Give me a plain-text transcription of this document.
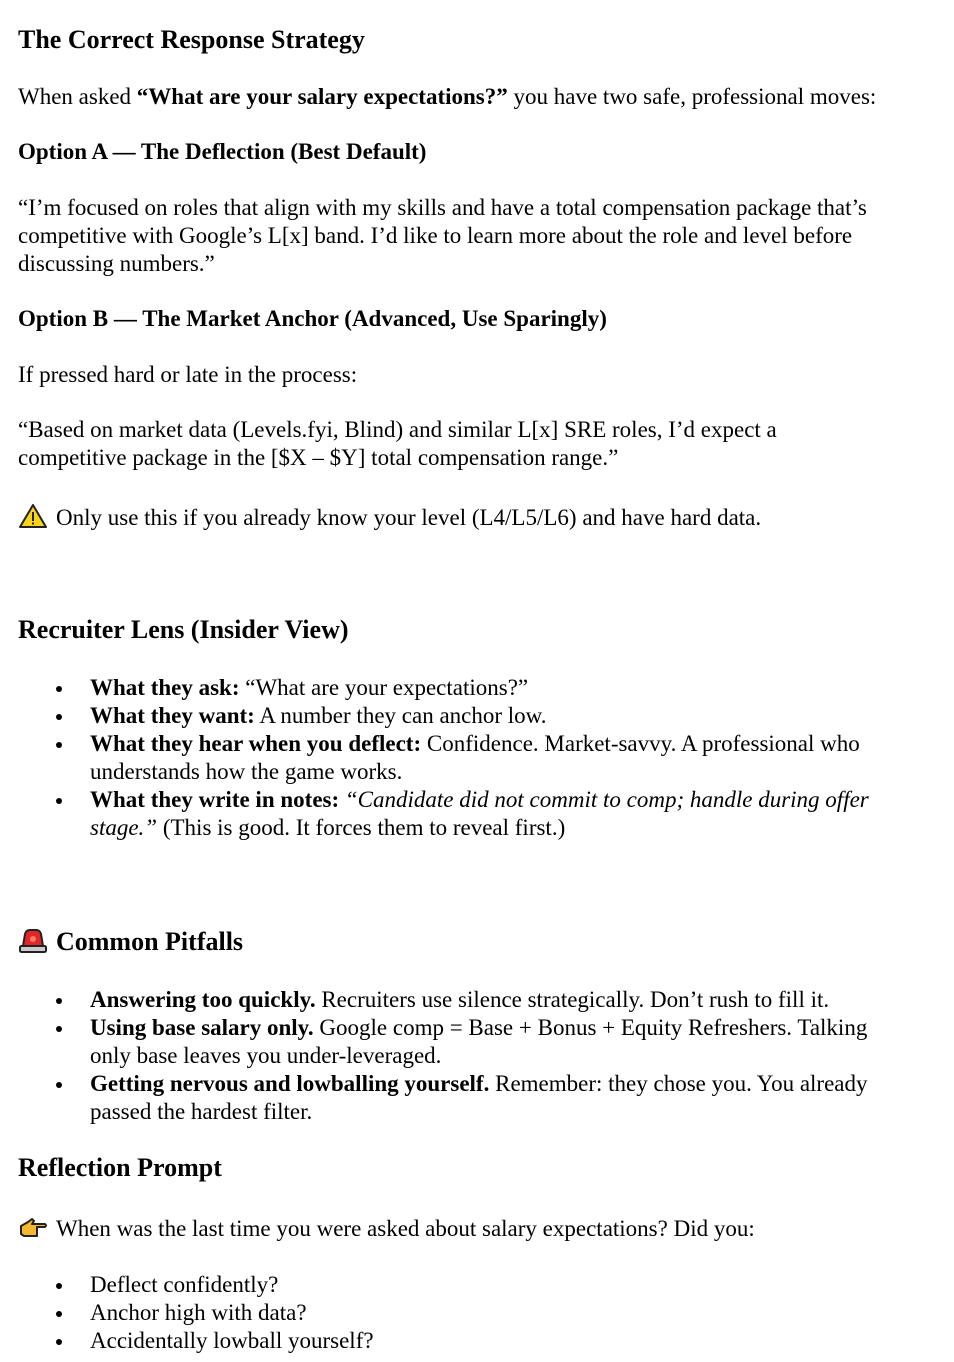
The Correct Response Strategy
When asked “What are your salary expectations?” you have two safe, professional moves:
Option A — The Deflection (Best Default)
“I’m focused on roles that align with my skills and have a total compensation package that’s competitive with Google’s L[x] band. I’d like to learn more about the role and level before discussing numbers.”
Option B — The Market Anchor (Advanced, Use Sparingly)
If pressed hard or late in the process:
“Based on market data (Levels.fyi, Blind) and similar L[x] SRE roles, I’d expect a competitive package in the [$X – $Y] total compensation range.”
Only use this if you already know your level (L4/L5/L6) and have hard data.
Recruiter Lens (Insider View)
What they ask: “What are your expectations?”
What they want: A number they can anchor low.
What they hear when you deflect: Confidence. Market-savvy. A professional who understands how the game works.
What they write in notes: “Candidate did not commit to comp; handle during offer stage.” (This is good. It forces them to reveal first.)
Common Pitfalls
Answering too quickly. Recruiters use silence strategically. Don’t rush to fill it.
Using base salary only. Google comp = Base + Bonus + Equity Refreshers. Talking only base leaves you under-leveraged.
Getting nervous and lowballing yourself. Remember: they chose you. You already passed the hardest filter.
Reflection Prompt
When was the last time you were asked about salary expectations? Did you:
Deflect confidently?
Anchor high with data?
Accidentally lowball yourself?
